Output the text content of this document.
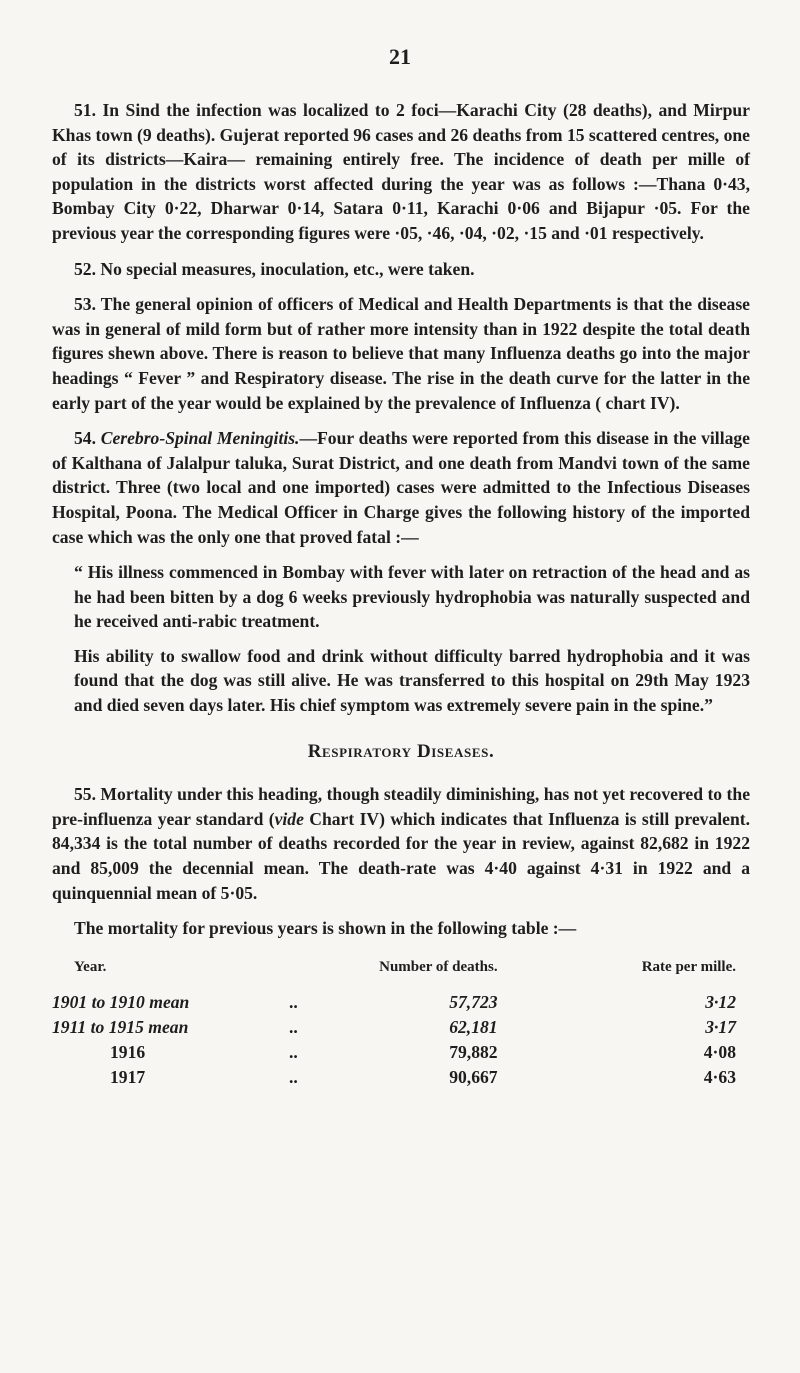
21

51. In Sind the infection was localized to 2 foci—Karachi City (28 deaths), and Mirpur Khas town (9 deaths). Gujerat reported 96 cases and 26 deaths from 15 scattered centres, one of its districts—Kaira— remaining entirely free. The incidence of death per mille of population in the districts worst affected during the year was as follows :—Thana 0·43, Bombay City 0·22, Dharwar 0·14, Satara 0·11, Karachi 0·06 and Bijapur ·05. For the previous year the corresponding figures were ·05, ·46, ·04, ·02, ·15 and ·01 respectively.

52. No special measures, inoculation, etc., were taken.

53. The general opinion of officers of Medical and Health Departments is that the disease was in general of mild form but of rather more intensity than in 1922 despite the total death figures shewn above. There is reason to believe that many Influenza deaths go into the major headings “ Fever ” and Respiratory disease. The rise in the death curve for the latter in the early part of the year would be explained by the prevalence of Influenza ( chart IV).

54. Cerebro-Spinal Meningitis.—Four deaths were reported from this disease in the village of Kalthana of Jalalpur taluka, Surat District, and one death from Mandvi town of the same district. Three (two local and one imported) cases were admitted to the Infectious Diseases Hospital, Poona. The Medical Officer in Charge gives the following history of the imported case which was the only one that proved fatal :—

“ His illness commenced in Bombay with fever with later on retraction of the head and as he had been bitten by a dog 6 weeks previously hydrophobia was naturally suspected and he received anti-rabic treatment.

His ability to swallow food and drink without difficulty barred hydrophobia and it was found that the dog was still alive. He was transferred to this hospital on 29th May 1923 and died seven days later. His chief symptom was extremely severe pain in the spine.”

Respiratory Diseases.

55. Mortality under this heading, though steadily diminishing, has not yet recovered to the pre-influenza year standard (vide Chart IV) which indicates that Influenza is still prevalent. 84,334 is the total number of deaths recorded for the year in review, against 82,682 in 1922 and 85,009 the decennial mean. The death-rate was 4·40 against 4·31 in 1922 and a quinquennial mean of 5·05.

The mortality for previous years is shown in the following table :—

Year.		Number of deaths.	Rate per mille.
1901 to 1910 mean	..	57,723	3·12
1911 to 1915 mean	..	62,181	3·17
1916	..	79,882	4·08
1917	..	90,667	4·63
